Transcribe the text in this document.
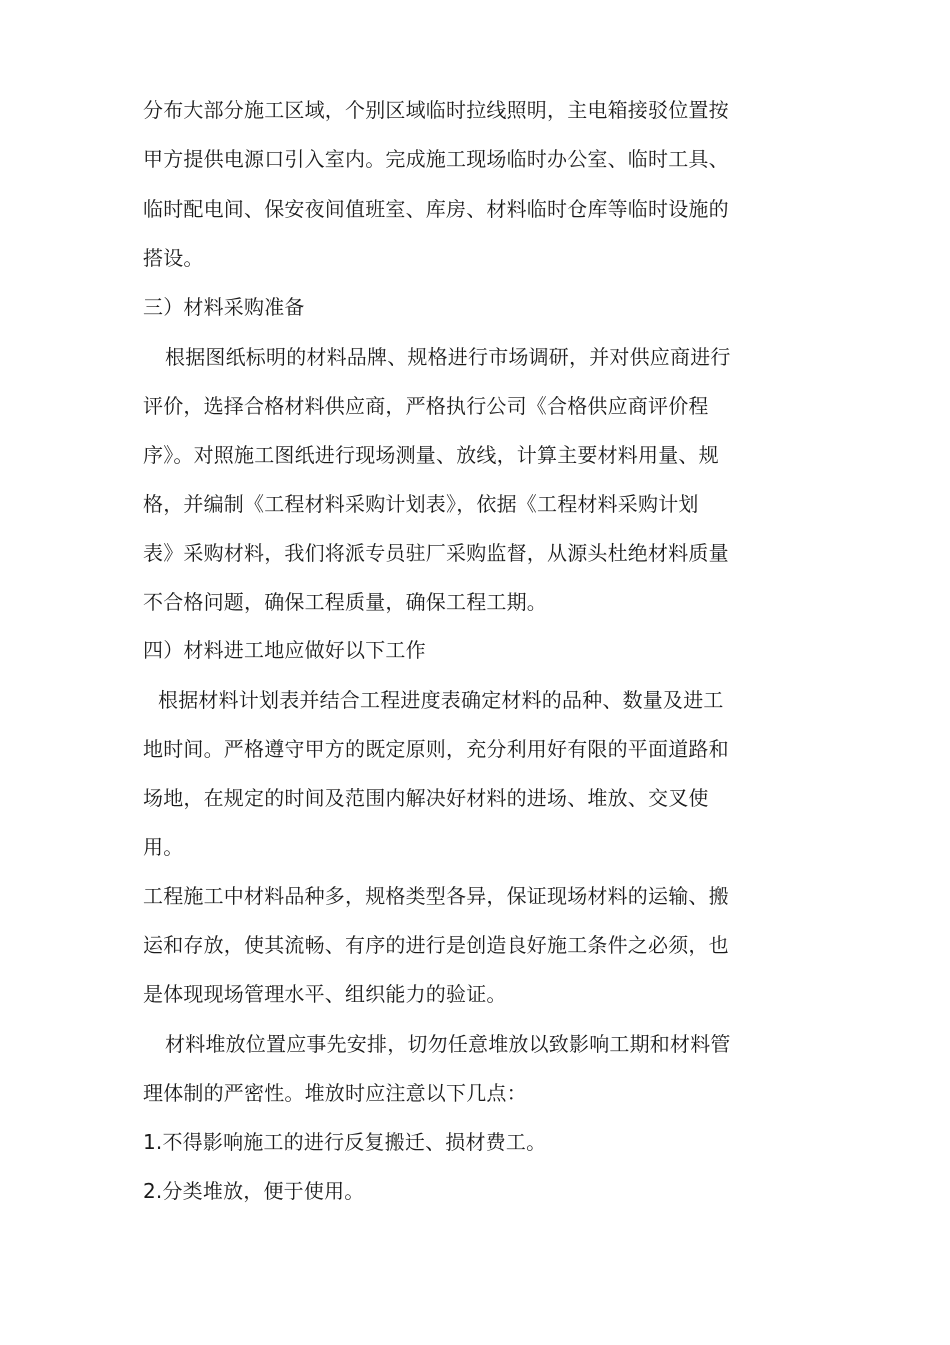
分布大部分施工区域，个别区域临时拉线照明，主电箱接驳位置按
甲方提供电源口引入室内。完成施工现场临时办公室、临时工具、
临时配电间、保安夜间值班室、库房、材料临时仓库等临时设施的
搭设。
三）材料采购准备
根据图纸标明的材料品牌、规格进行市场调研，并对供应商进行
评价，选择合格材料供应商，严格执行公司《合格供应商评价程
序》。对照施工图纸进行现场测量、放线，计算主要材料用量、规
格，并编制《工程材料采购计划表》，依据《工程材料采购计划
表》采购材料，我们将派专员驻厂采购监督，从源头杜绝材料质量
不合格问题，确保工程质量，确保工程工期。
四）材料进工地应做好以下工作
根据材料计划表并结合工程进度表确定材料的品种、数量及进工
地时间。严格遵守甲方的既定原则，充分利用好有限的平面道路和
场地，在规定的时间及范围内解决好材料的进场、堆放、交叉使
用。
工程施工中材料品种多，规格类型各异，保证现场材料的运输、搬
运和存放，使其流畅、有序的进行是创造良好施工条件之必须，也
是体现现场管理水平、组织能力的验证。
材料堆放位置应事先安排，切勿任意堆放以致影响工期和材料管
理体制的严密性。堆放时应注意以下几点：
1.不得影响施工的进行反复搬迁、损材费工。
2.分类堆放，便于使用。
